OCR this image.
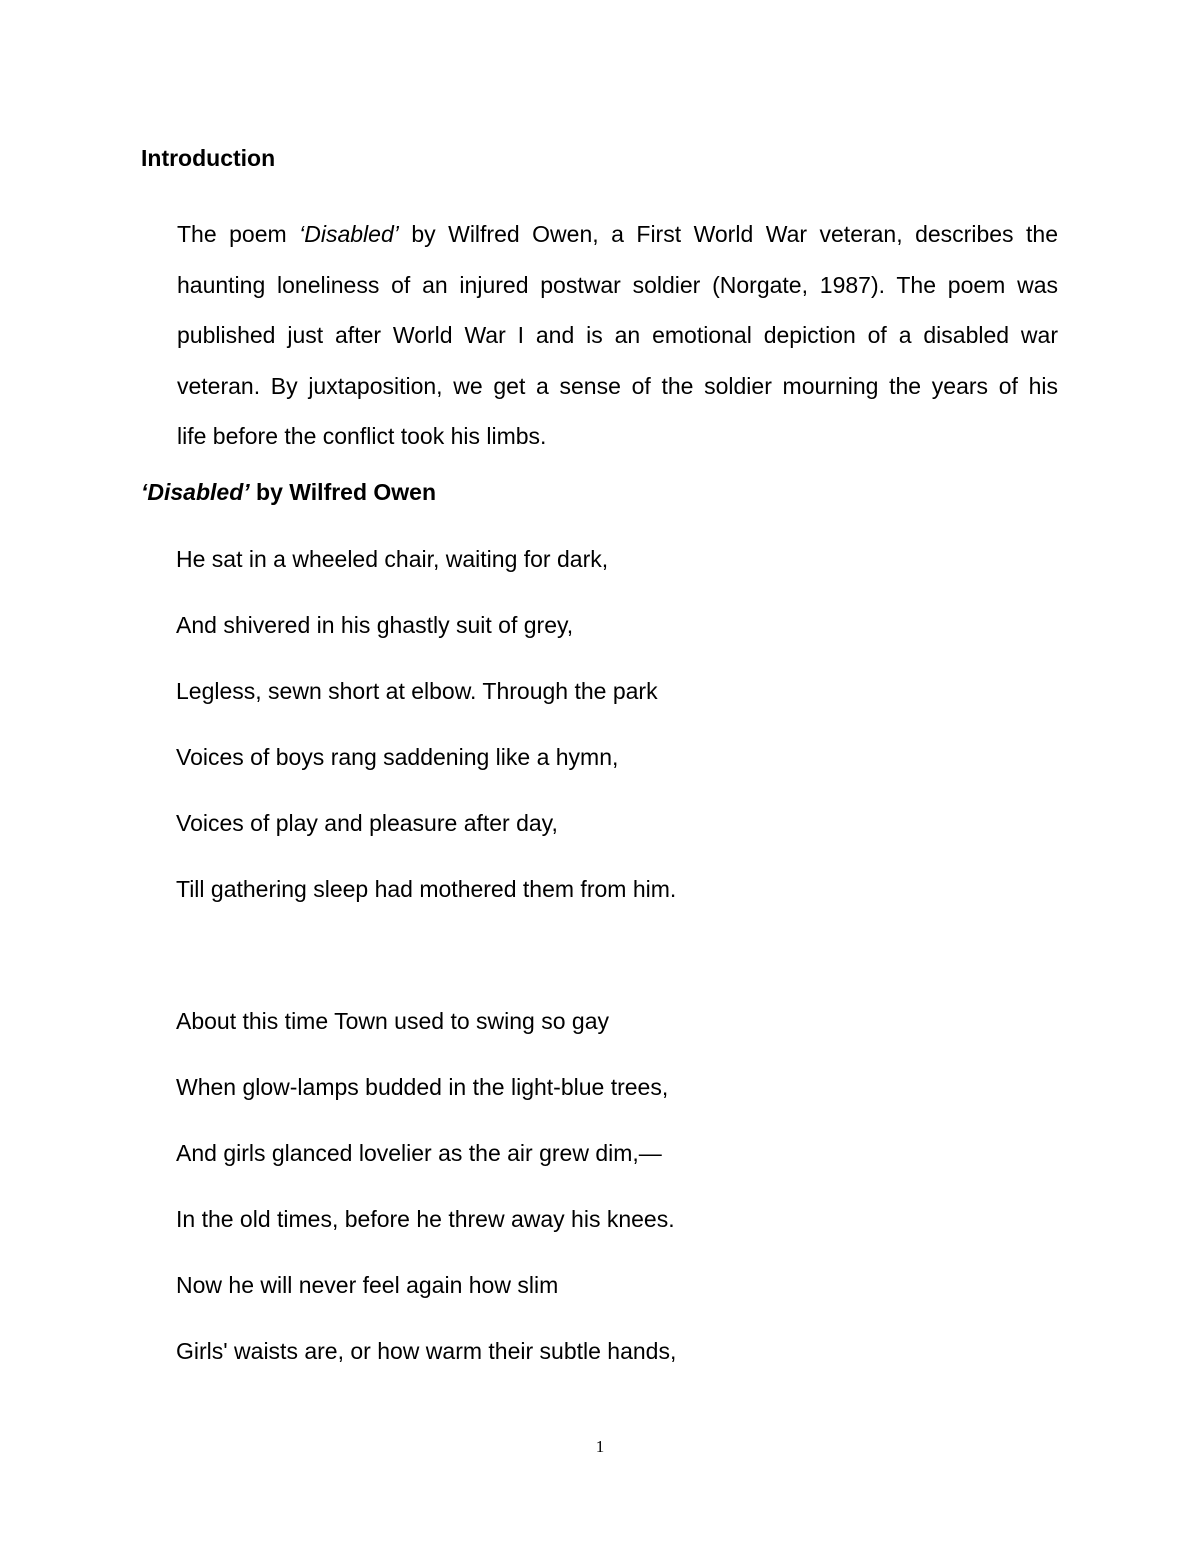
Introduction

The poem ‘Disabled’ by Wilfred Owen, a First World War veteran, describes the
haunting loneliness of an injured postwar soldier (Norgate, 1987). The poem was
published just after World War I and is an emotional depiction of a disabled war
veteran. By juxtaposition, we get a sense of the soldier mourning the years of his
life before the conflict took his limbs.

‘Disabled’ by Wilfred Owen
He sat in a wheeled chair, waiting for dark,
And shivered in his ghastly suit of grey,
Legless, sewn short at elbow. Through the park
Voices of boys rang saddening like a hymn,
Voices of play and pleasure after day,
Till gathering sleep had mothered them from him.
About this time Town used to swing so gay
When glow-lamps budded in the light-blue trees,
And girls glanced lovelier as the air grew dim,—
In the old times, before he threw away his knees.
Now he will never feel again how slim
Girls' waists are, or how warm their subtle hands,
1
